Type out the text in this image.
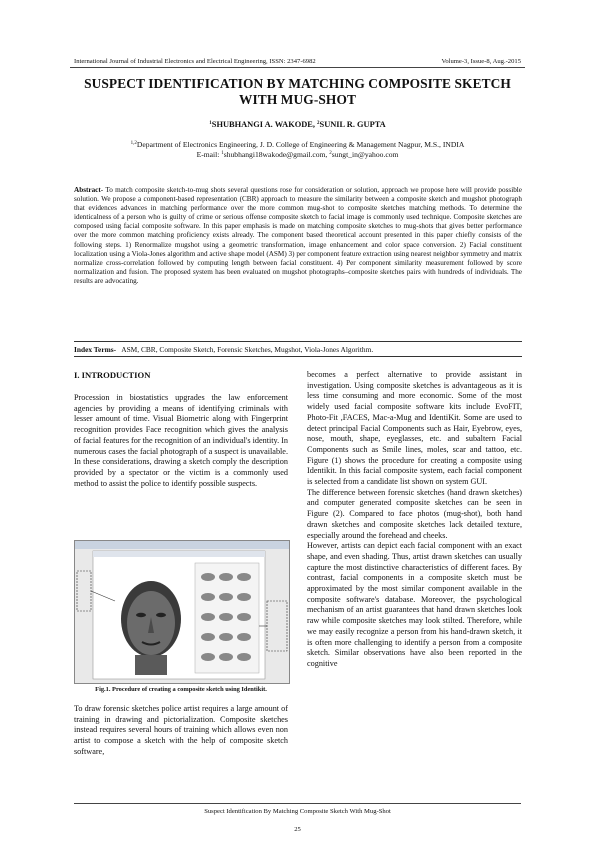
International Journal of Industrial Electronics and Electrical Engineering, ISSN: 2347-6982	Volume-3, Issue-8, Aug.-2015
SUSPECT IDENTIFICATION BY MATCHING COMPOSITE SKETCH
WITH MUG-SHOT
$^1$SHUBHANGI A. WAKODE, $^2$SUNIL R. GUPTA
$^{1,2}$Department of Electronics Engineering, J. D. College of Engineering & Management Nagpur, M.S., INDIA
E-mail: $^1$shubhangi18wakode@gmail.com, $^2$sungt_in@yahoo.com
Abstract- To match composite sketch-to-mug shots several questions rose for consideration or solution, approach we propose here will provide possible solution. We propose a component-based representation (CBR) approach to measure the similarity between a composite sketch and mugshot photograph that evidences advances in matching performance over the more common mug-shot to composite sketches matching methods. To determine the identicalness of a person who is guilty of crime or serious offense composite sketch to facial image is commonly used technique. Composite sketches are composed using facial composite software. In this paper emphasis is made on matching composite sketches to mug-shots that gives better performance over the more common matching proficiency exists already. The component based theoretical account presented in this paper chiefly consists of the following steps. 1) Renormalize mugshot using a geometric transformation, image enhancement and color space conversion. 2) Facial constituent localization using a Viola-Jones algorithm and active shape model (ASM) 3) per component feature extraction using nearest neighbor symmetry and matrix normalize cross-correlation followed by computing length between facial constituent. 4) Per component similarity measurement followed by score normalization and fusion. The proposed system has been evaluated on mugshot photographs–composite sketches pairs with hundreds of individuals. The results are advocating.
Index Terms- ASM, CBR, Composite Sketch, Forensic Sketches, Mugshot, Viola-Jones Algorithm.
I. INTRODUCTION

Procession in biostatistics upgrades the law enforcement agencies by providing a means of identifying criminals with lesser amount of time. Visual Biometric along with Fingerprint recognition provides Face recognition which gives the analysis of facial features for the recognition of an individual's identity. In numerous cases the facial photograph of a suspect is unavailable. In these considerations, drawing a sketch comply the description provided by a spectator or the victim is a commonly used method to assist the police to identify possible suspects.

Fig.1. Procedure of creating a composite sketch using Identikit.

To draw forensic sketches police artist requires a large amount of training in drawing and pictorialization. Composite sketches instead requires several hours of training which allows even non artist to compose a sketch with the help of composite sketch software,

becomes a perfect alternative to provide assistant in investigation. Using composite sketches is advantageous as it is less time consuming and more economic. Some of the most widely used facial composite software kits include EvoFIT, Photo-Fit ,FACES, Mac-a-Mug and IdentiKit. Some are used to detect principal Facial Components such as Hair, Eyebrow, eyes, nose, mouth, shape, eyeglasses, etc. and subaltern Facial Components such as Smile lines, moles, scar and tattoo, etc. Figure (1) shows the procedure for creating a composite using Identikit. In this facial composite system, each facial component is selected from a candidate list shown on system GUI.

The difference between forensic sketches (hand drawn sketches) and computer generated composite sketches can be seen in Figure (2). Compared to face photos (mug-shot), both hand drawn sketches and composite sketches lack detailed texture, especially around the forehead and cheeks.

However, artists can depict each facial component with an exact shape, and even shading. Thus, artist drawn sketches can usually capture the most distinctive characteristics of different faces. By contrast, facial components in a composite sketch must be approximated by the most similar component available in the composite software's database. Moreover, the psychological mechanism of an artist guarantees that hand drawn sketches look raw while composite sketches may look stilted. Therefore, while we may easily recognize a person from his hand-drawn sketch, it is often more challenging to identify a person from a composite sketch. Similar observations have also been reported in the cognitive

Suspect Identification By Matching Composite Sketch With Mug-Shot
25
